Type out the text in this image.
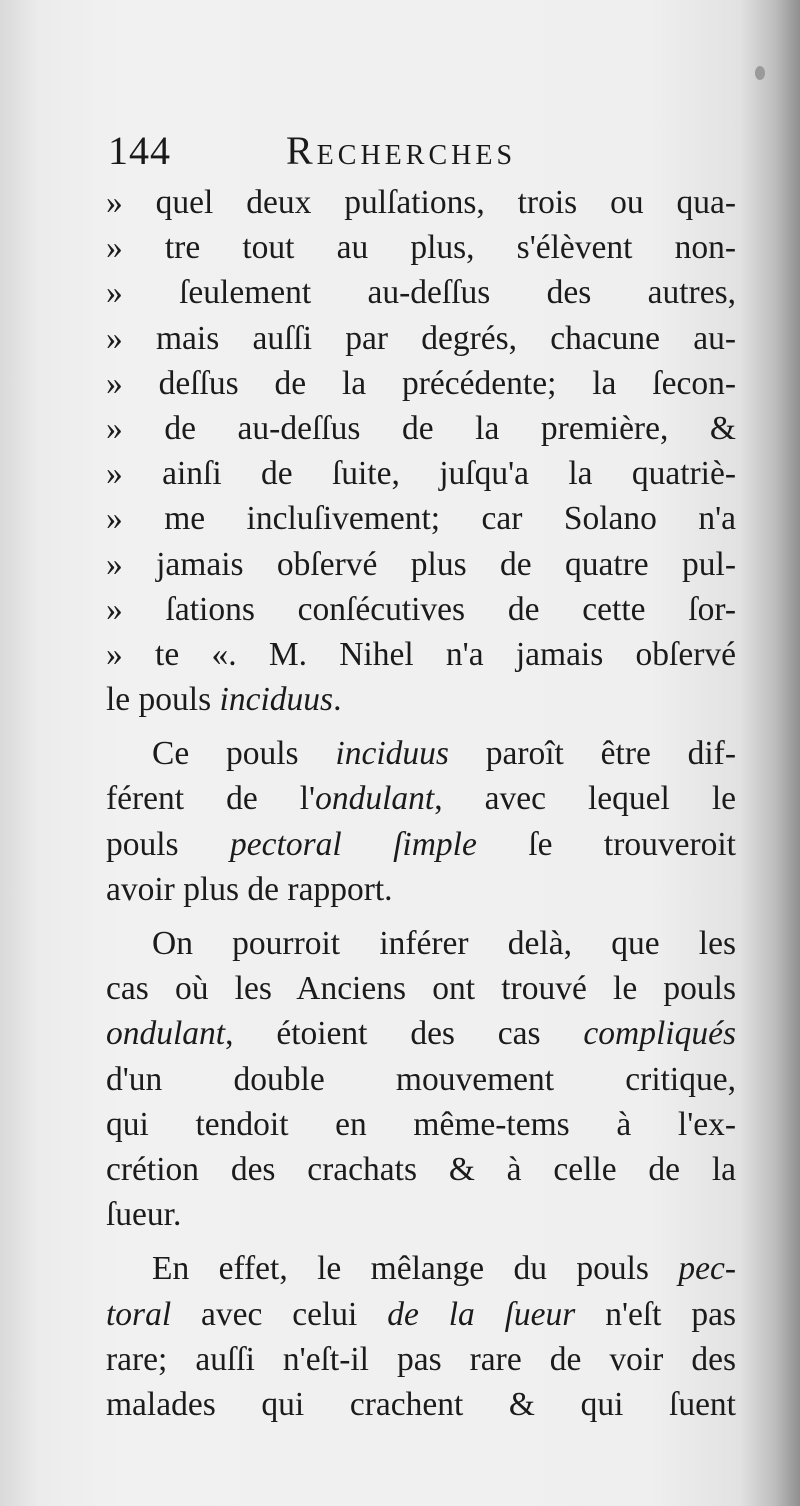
144	Recherches
» quel deux pulſations, trois ou qua-
» tre tout au plus, s'élèvent non-
» ſeulement au-deſſus des autres,
» mais auſſi par degrés, chacune au-
» deſſus de la précédente; la ſecon-
» de au-deſſus de la première, &
» ainſi de ſuite, juſqu'a la quatriè-
» me incluſivement; car Solano n'a
» jamais obſervé plus de quatre pul-
» ſations conſécutives de cette ſor-
» te «. M. Nihel n'a jamais obſervé
le pouls inciduus.
Ce pouls inciduus paroît être dif-
férent de l'ondulant, avec lequel le
pouls pectoral ſimple ſe trouveroit
avoir plus de rapport.
On pourroit inférer delà, que les
cas où les Anciens ont trouvé le pouls
ondulant, étoient des cas compliqués
d'un double mouvement critique,
qui tendoit en même-tems à l'ex-
crétion des crachats & à celle de la
ſueur.
En effet, le mêlange du pouls pec-
toral avec celui de la ſueur n'eſt pas
rare; auſſi n'eſt-il pas rare de voir des
malades qui crachent & qui ſuent
